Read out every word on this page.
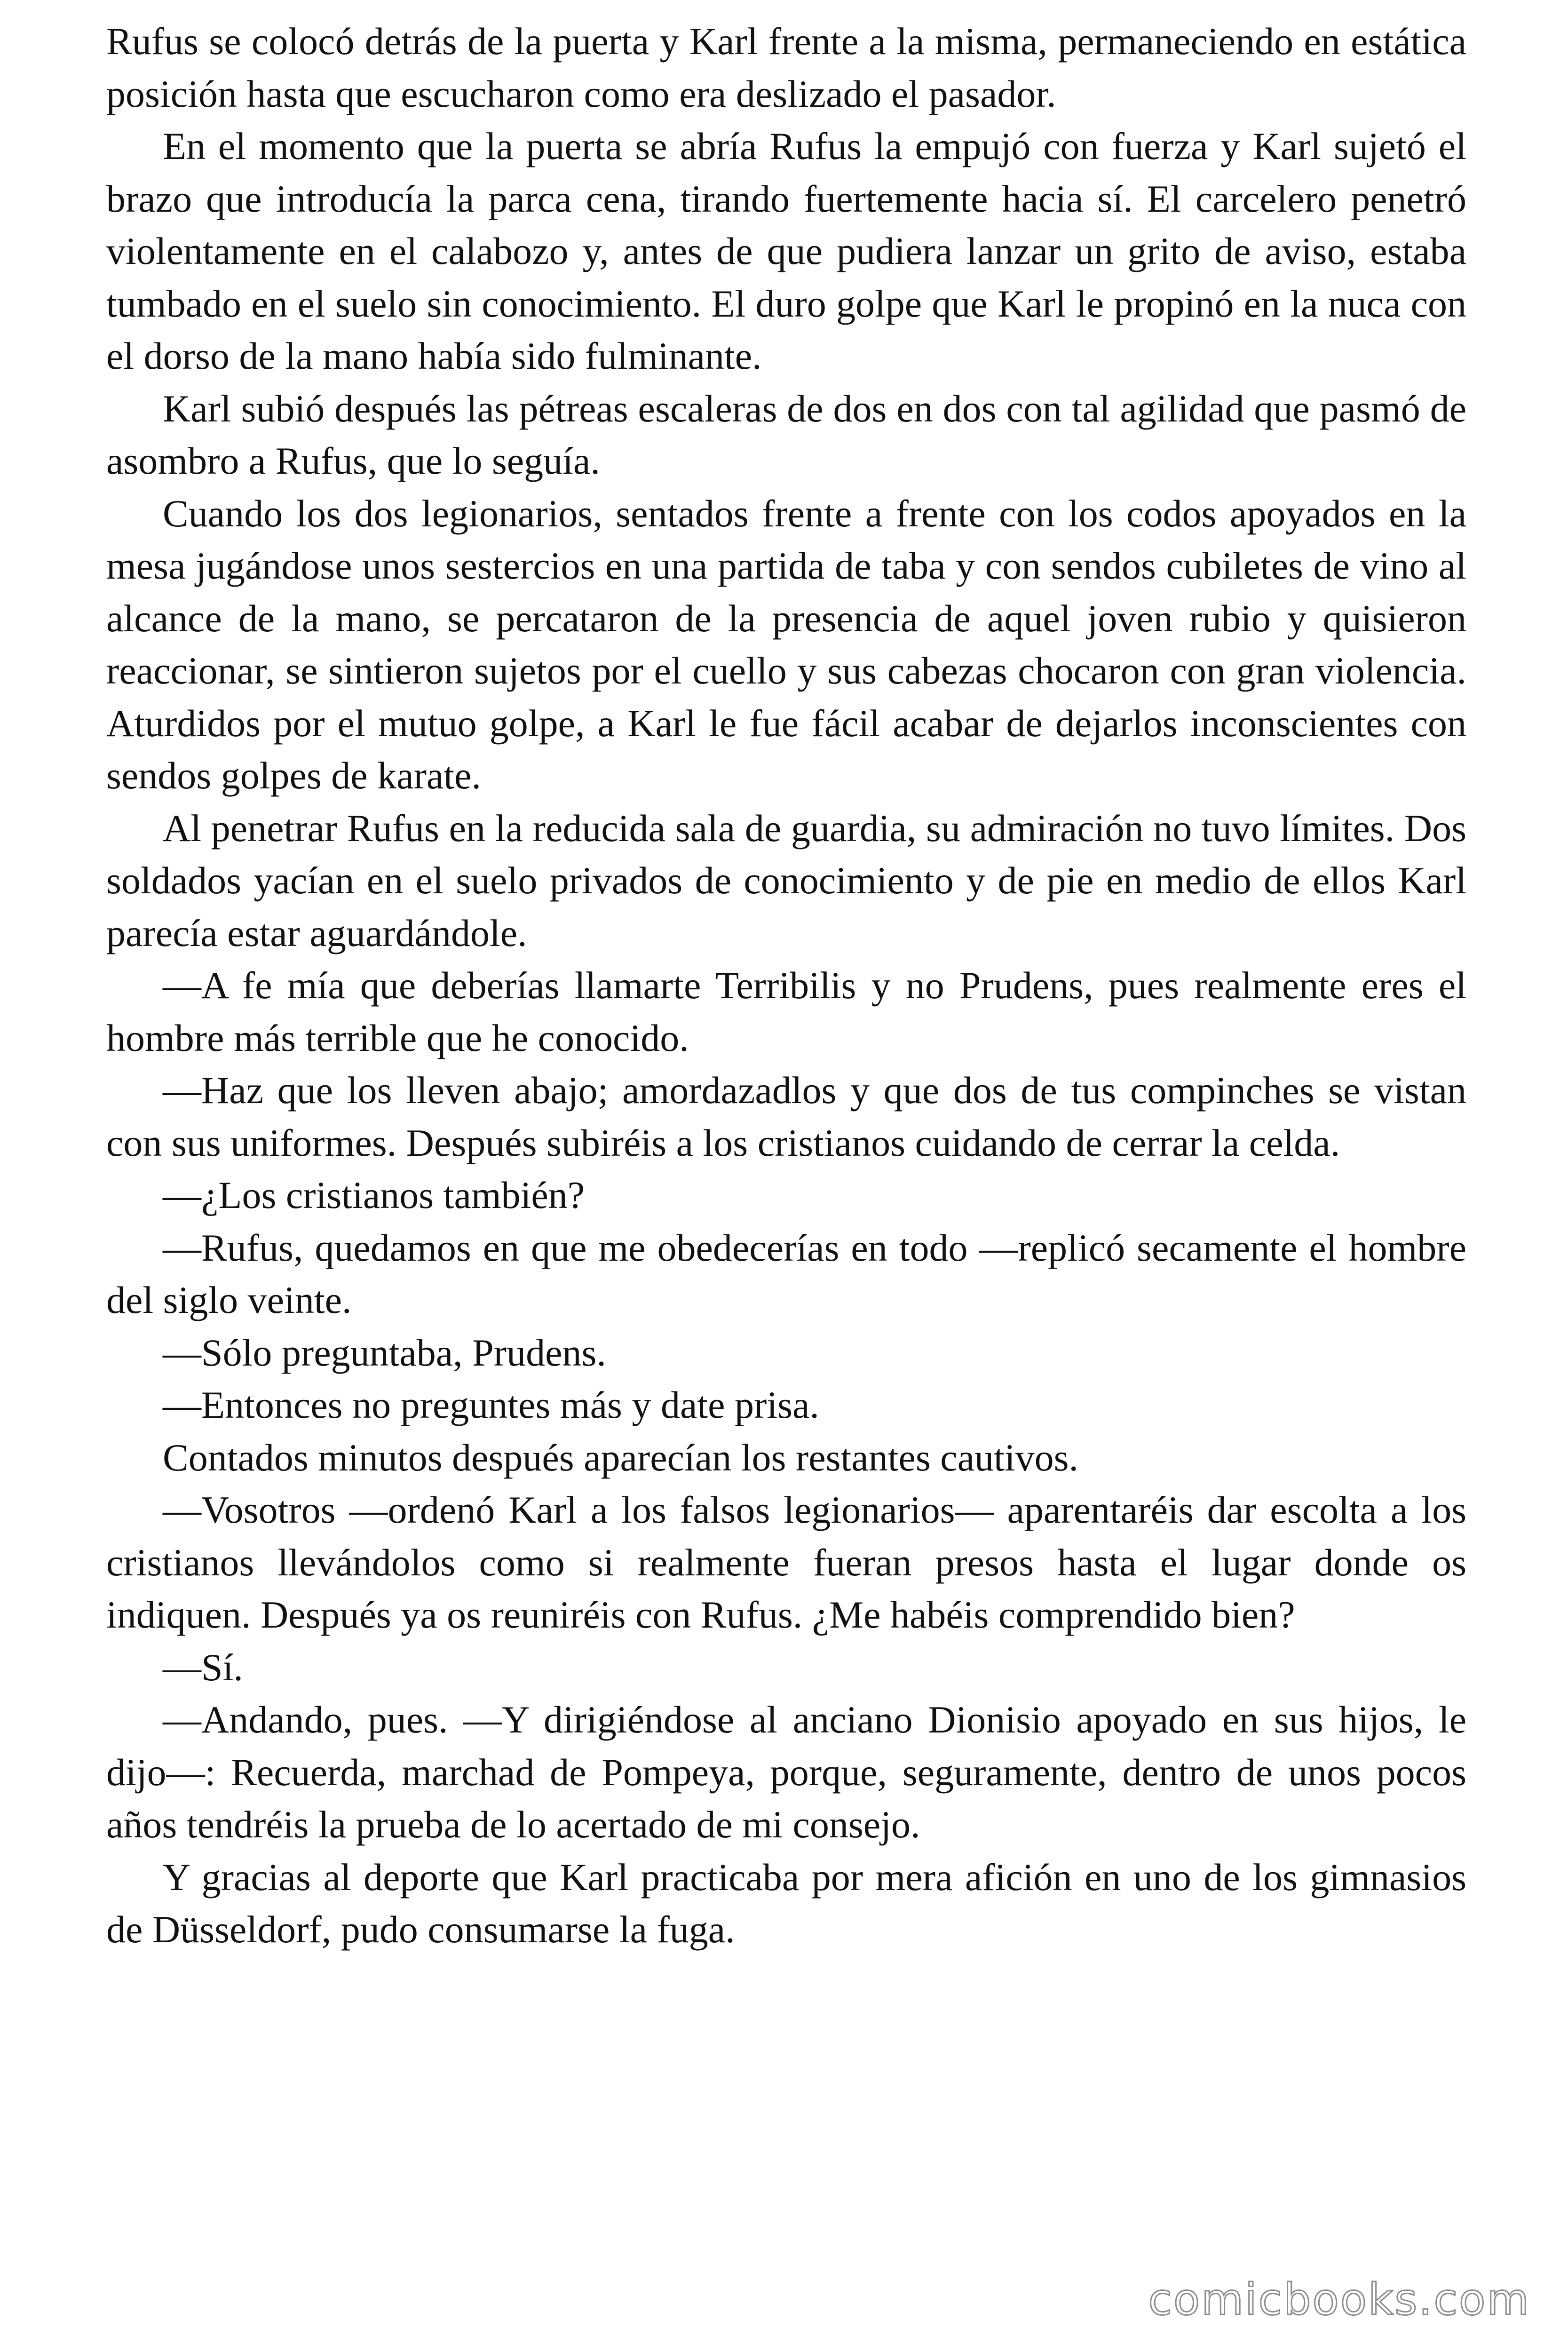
Rufus se colocó detrás de la puerta y Karl frente a la misma, permaneciendo en estática posición hasta que escucharon como era deslizado el pasador.

En el momento que la puerta se abría Rufus la empujó con fuerza y Karl sujetó el brazo que introducía la parca cena, tirando fuertemente hacia sí. El carcelero penetró violentamente en el calabozo y, antes de que pudiera lanzar un grito de aviso, estaba tumbado en el suelo sin conocimiento. El duro golpe que Karl le propinó en la nuca con el dorso de la mano había sido fulminante.

Karl subió después las pétreas escaleras de dos en dos con tal agilidad que pasmó de asombro a Rufus, que lo seguía.

Cuando los dos legionarios, sentados frente a frente con los codos apoyados en la mesa jugándose unos sestercios en una partida de taba y con sendos cubiletes de vino al alcance de la mano, se percataron de la presencia de aquel joven rubio y quisieron reaccionar, se sintieron sujetos por el cuello y sus cabezas chocaron con gran violencia. Aturdidos por el mutuo golpe, a Karl le fue fácil acabar de dejarlos inconscientes con sendos golpes de karate.

Al penetrar Rufus en la reducida sala de guardia, su admiración no tuvo límites. Dos soldados yacían en el suelo privados de conocimiento y de pie en medio de ellos Karl parecía estar aguardándole.

—A fe mía que deberías llamarte Terribilis y no Prudens, pues realmente eres el hombre más terrible que he conocido.

—Haz que los lleven abajo; amordazadlos y que dos de tus compinches se vistan con sus uniformes. Después subiréis a los cristianos cuidando de cerrar la celda.

—¿Los cristianos también?

—Rufus, quedamos en que me obedecerías en todo —replicó secamente el hombre del siglo veinte.

—Sólo preguntaba, Prudens.

—Entonces no preguntes más y date prisa.

Contados minutos después aparecían los restantes cautivos.

—Vosotros —ordenó Karl a los falsos legionarios— aparentaréis dar escolta a los cristianos llevándolos como si realmente fueran presos hasta el lugar donde os indiquen. Después ya os reuniréis con Rufus. ¿Me habéis comprendido bien?

—Sí.

—Andando, pues. —Y dirigiéndose al anciano Dionisio apoyado en sus hijos, le dijo—: Recuerda, marchad de Pompeya, porque, seguramente, dentro de unos pocos años tendréis la prueba de lo acertado de mi consejo.

Y gracias al deporte que Karl practicaba por mera afición en uno de los gimnasios de Düsseldorf, pudo consumarse la fuga.

comicbooks.com
